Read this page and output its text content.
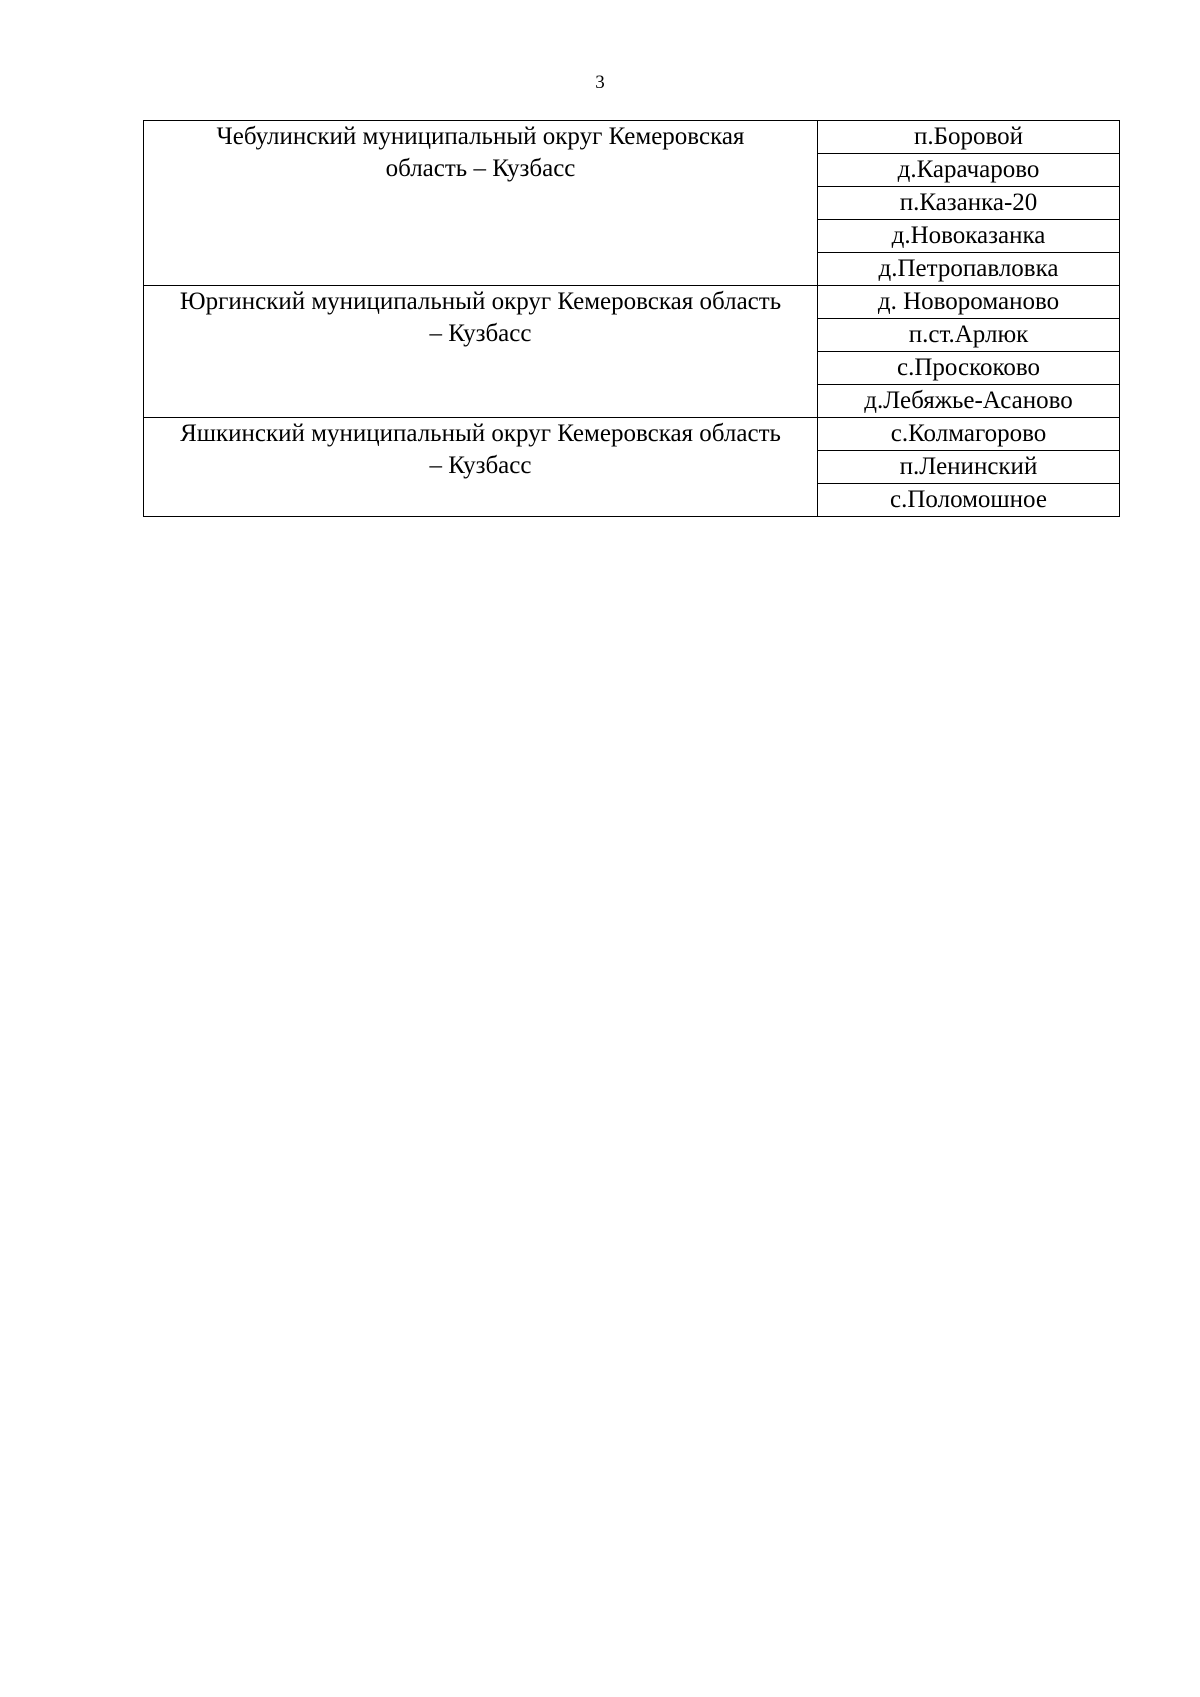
3
Чебулинский муниципальный округ Кемеровская область – Кузбасс	п.Боровой
	д.Карачарово
	п.Казанка-20
	д.Новоказанка
	д.Петропавловка
Юргинский муниципальный округ Кемеровская область – Кузбасс	д. Новороманово
	п.ст.Арлюк
	с.Проскоково
	д.Лебяжье-Асаново
Яшкинский муниципальный округ Кемеровская область – Кузбасс	с.Колмагорово
	п.Ленинский
	с.Поломошное
